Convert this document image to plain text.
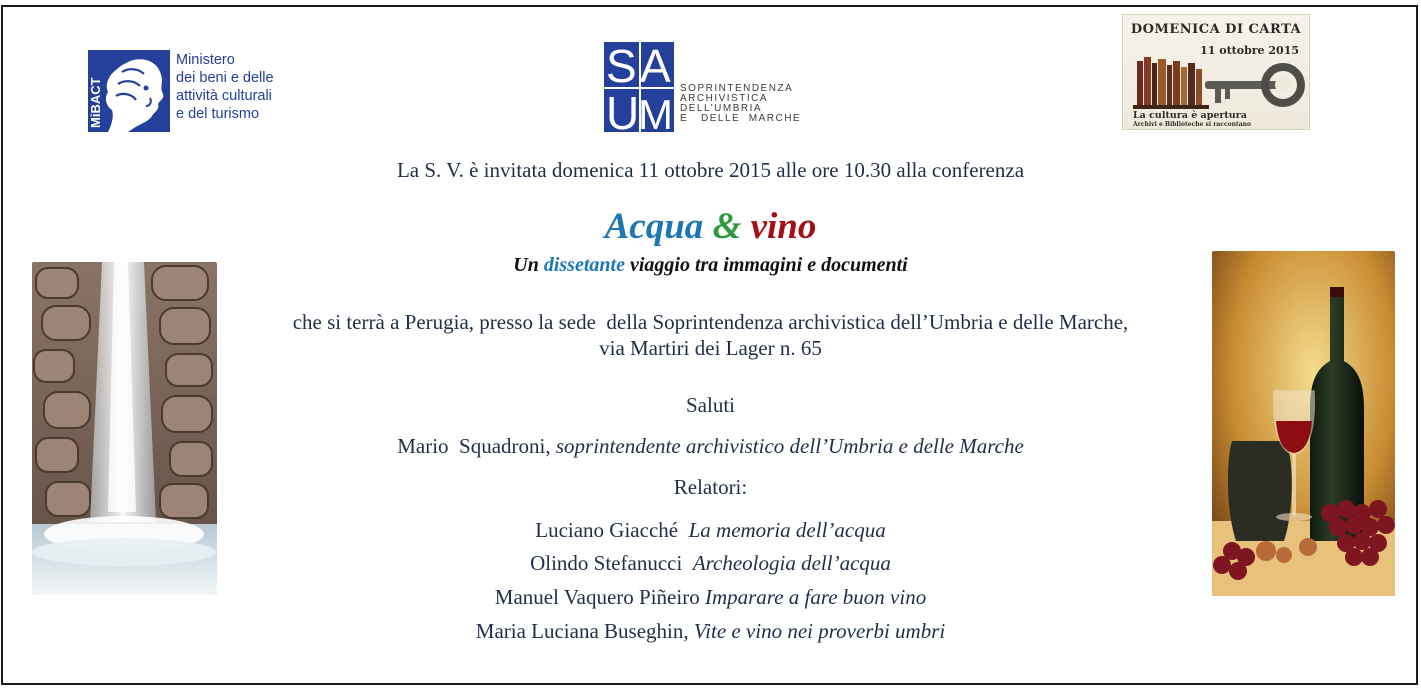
MiBACT
Ministero
dei beni e delle
attività culturali
e del turismo
S A
U
M
SOPRINTENDENZA
ARCHIVISTICA
DELL’UMBRIA
E   DELLE  MARCHE
DOMENICA DI CARTA
11 ottobre 2015
La cultura è apertura
Archivi e Biblioteche si raccontano
La S. V. è invitata domenica 11 ottobre 2015 alle ore 10.30 alla conferenza
Acqua & vino
Un dissetante viaggio tra immagini e documenti
che si terrà a Perugia, presso la sede  della Soprintendenza archivistica dell’Umbria e delle Marche,
via Martiri dei Lager n. 65
Saluti
Mario  Squadroni, soprintendente archivistico dell’Umbria e delle Marche
Relatori:
Luciano Giacché La memoria dell’acqua
Olindo Stefanucci Archeologia dell’acqua
Manuel Vaquero Piñeiro Imparare a fare buon vino
Maria Luciana Buseghin, Vite e vino nei proverbi umbri
